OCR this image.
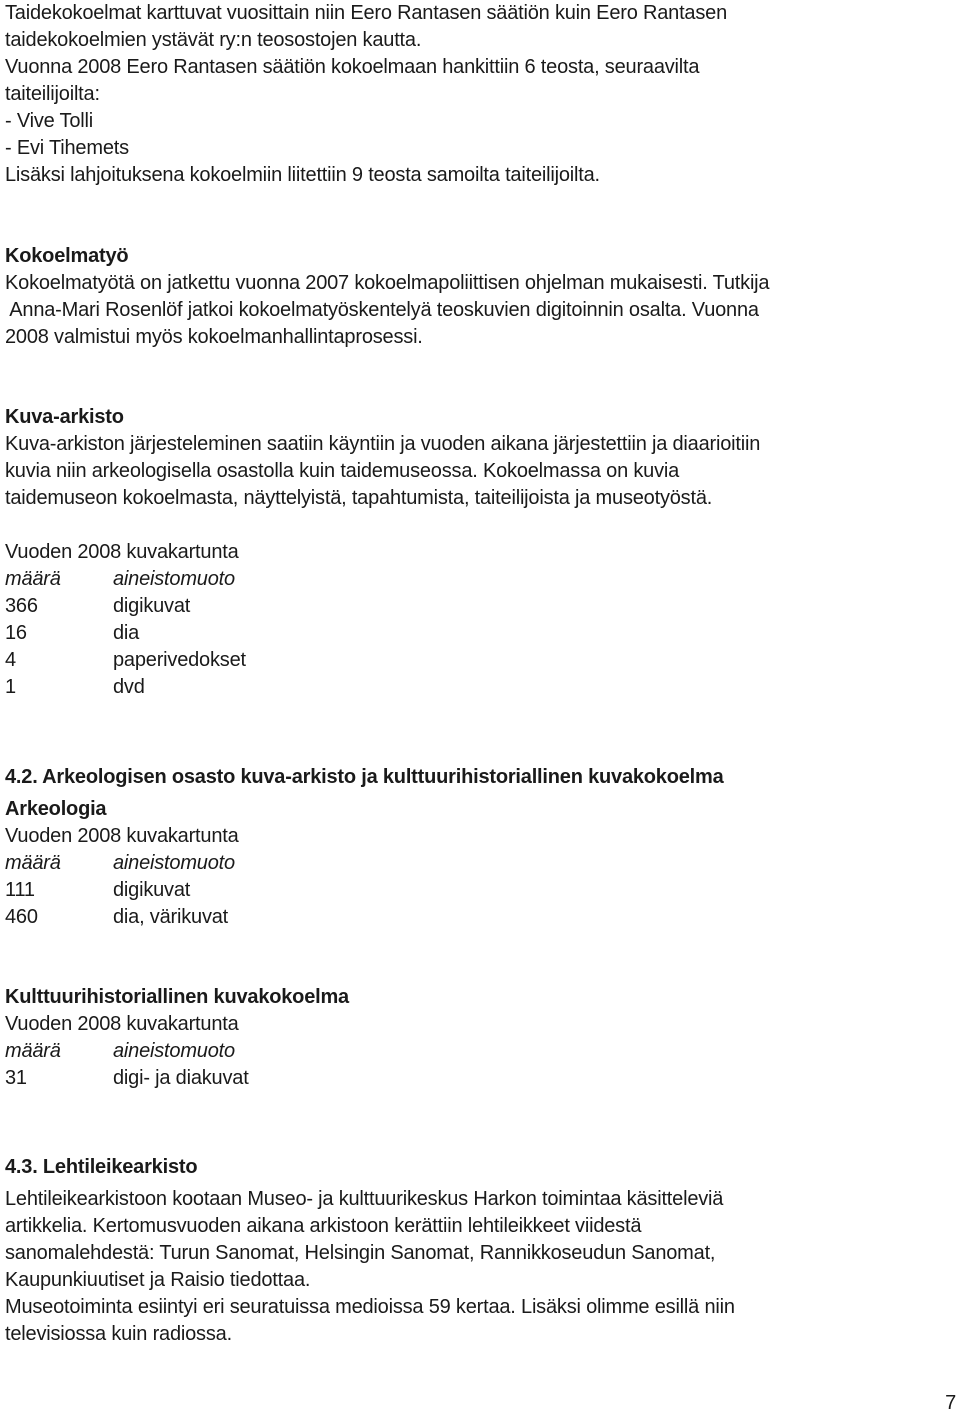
Taidekokoelmat karttuvat vuosittain niin Eero Rantasen säätiön kuin Eero Rantasen
taidekokoelmien ystävät ry:n teosostojen kautta.
Vuonna 2008 Eero Rantasen säätiön kokoelmaan hankittiin 6 teosta, seuraavilta
taiteilijoilta:
- Vive Tolli
- Evi Tihemets
Lisäksi lahjoituksena kokoelmiin liitettiin 9 teosta samoilta taiteilijoilta.
Kokoelmatyö
Kokoelmatyötä on jatkettu vuonna 2007 kokoelmapoliittisen ohjelman mukaisesti. Tutkija
Anna-Mari Rosenlöf jatkoi kokoelmatyöskentelyä teoskuvien digitoinnin osalta. Vuonna
2008 valmistui myös kokoelmanhallintaprosessi.
Kuva-arkisto
Kuva-arkiston järjesteleminen saatiin käyntiin ja vuoden aikana järjestettiin ja diaarioitiin
kuvia niin arkeologisella osastolla kuin taidemuseossa. Kokoelmassa on kuvia
taidemuseon kokoelmasta, näyttelyistä, tapahtumista, taiteilijoista ja museotyöstä.
Vuoden 2008 kuvakartunta
määrä	aineistomuoto
366	digikuvat
16	dia
4	paperivedokset
1	dvd
4.2. Arkeologisen osasto kuva-arkisto ja kulttuurihistoriallinen kuvakokoelma
Arkeologia
Vuoden 2008 kuvakartunta
määrä	aineistomuoto
111	digikuvat
460	dia, värikuvat
Kulttuurihistoriallinen kuvakokoelma
Vuoden 2008 kuvakartunta
määrä	aineistomuoto
31	digi- ja diakuvat
4.3. Lehtileikearkisto
Lehtileikearkistoon kootaan Museo- ja kulttuurikeskus Harkon toimintaa käsitteleviä
artikkelia. Kertomusvuoden aikana arkistoon kerättiin lehtileikkeet viidestä
sanomalehdestä: Turun Sanomat, Helsingin Sanomat, Rannikkoseudun Sanomat,
Kaupunkiuutiset ja Raisio tiedottaa.
Museotoiminta esiintyi eri seuratuissa medioissa 59 kertaa. Lisäksi olimme esillä niin
televisiossa kuin radiossa.
7
